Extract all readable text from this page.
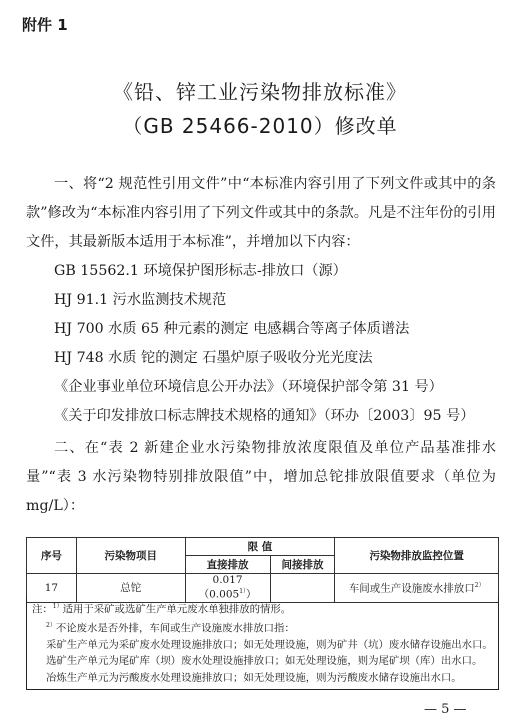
附件 1
《铅、锌工业污染物排放标准》
（GB 25466-2010）修改单

一、将“2 规范性引用文件”中“本标准内容引用了下列文件或其中的条款”修改为“本标准内容引用了下列文件或其中的条款。凡是不注年份的引用文件，其最新版本适用于本标准”，并增加以下内容：

GB 15562.1 环境保护图形标志-排放口（源）
HJ 91.1 污水监测技术规范
HJ 700 水质 65 种元素的测定 电感耦合等离子体质谱法
HJ 748 水质 铊的测定 石墨炉原子吸收分光光度法
《企业事业单位环境信息公开办法》（环境保护部令第 31 号）
《关于印发排放口标志牌技术规格的通知》（环办〔2003〕95 号）

二、在“表 2 新建企业水污染物排放浓度限值及单位产品基准排水量”“表 3 水污染物特别排放限值”中，增加总铊排放限值要求（单位为 mg/L）：

序号	污染物项目	限 值		污染物排放监控位置
		直接排放	间接排放	
17	总铊	$0.017(0.005^{1)})$		车间或生产设施废水排放口$^{2)}$

注：$^{1)}$适用于采矿或选矿生产单元废水单独排放的情形。

$^{2)}$不论废水是否外排，车间或生产设施废水排放口指：

采矿生产单元为采矿废水处理设施排放口；如无处理设施，则为矿井（坑）废水储存设施出水口。

选矿生产单元为尾矿库（坝）废水处理设施排放口；如无处理设施，则为尾矿坝（库）出水口。

冶炼生产单元为污酸废水处理设施排放口；如无处理设施，则为污酸废水储存设施出水口。

— 5 —
